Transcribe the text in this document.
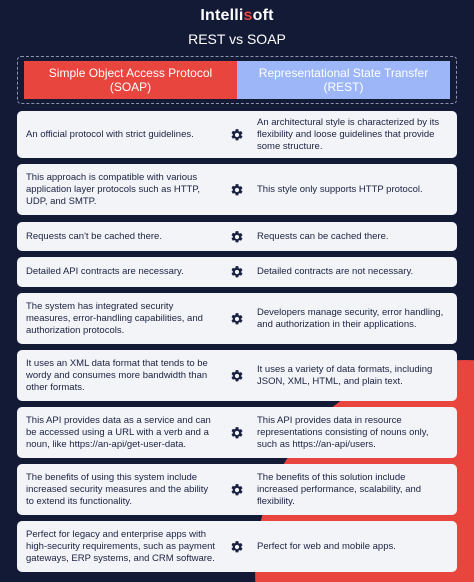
Intellisoft
REST vs SOAP
Simple Object Access Protocol (SOAP)
Representational State Transfer (REST)
An official protocol with strict guidelines.
An architectural style is characterized by its flexibility and loose guidelines that provide some structure.
This approach is compatible with various application layer protocols such as HTTP, UDP, and SMTP.
This style only supports HTTP protocol.
Requests can't be cached there.	Requests can be cached there.
Detailed API contracts are necessary.	Detailed contracts are not necessary.
The system has integrated security measures, error-handling capabilities, and authorization protocols.
Developers manage security, error handling, and authorization in their applications.
It uses an XML data format that tends to be wordy and consumes more bandwidth than other formats.
It uses a variety of data formats, including JSON, XML, HTML, and plain text.
This API provides data as a service and can be accessed using a URL with a verb and a noun, like https://an-api/get-user-data.
This API provides data in resource representations consisting of nouns only, such as https://an-api/users.
The benefits of using this system include increased security measures and the ability to extend its functionality.
The benefits of this solution include increased performance, scalability, and flexibility.
Perfect for legacy and enterprise apps with high-security requirements, such as payment gateways, ERP systems, and CRM software.
Perfect for web and mobile apps.
